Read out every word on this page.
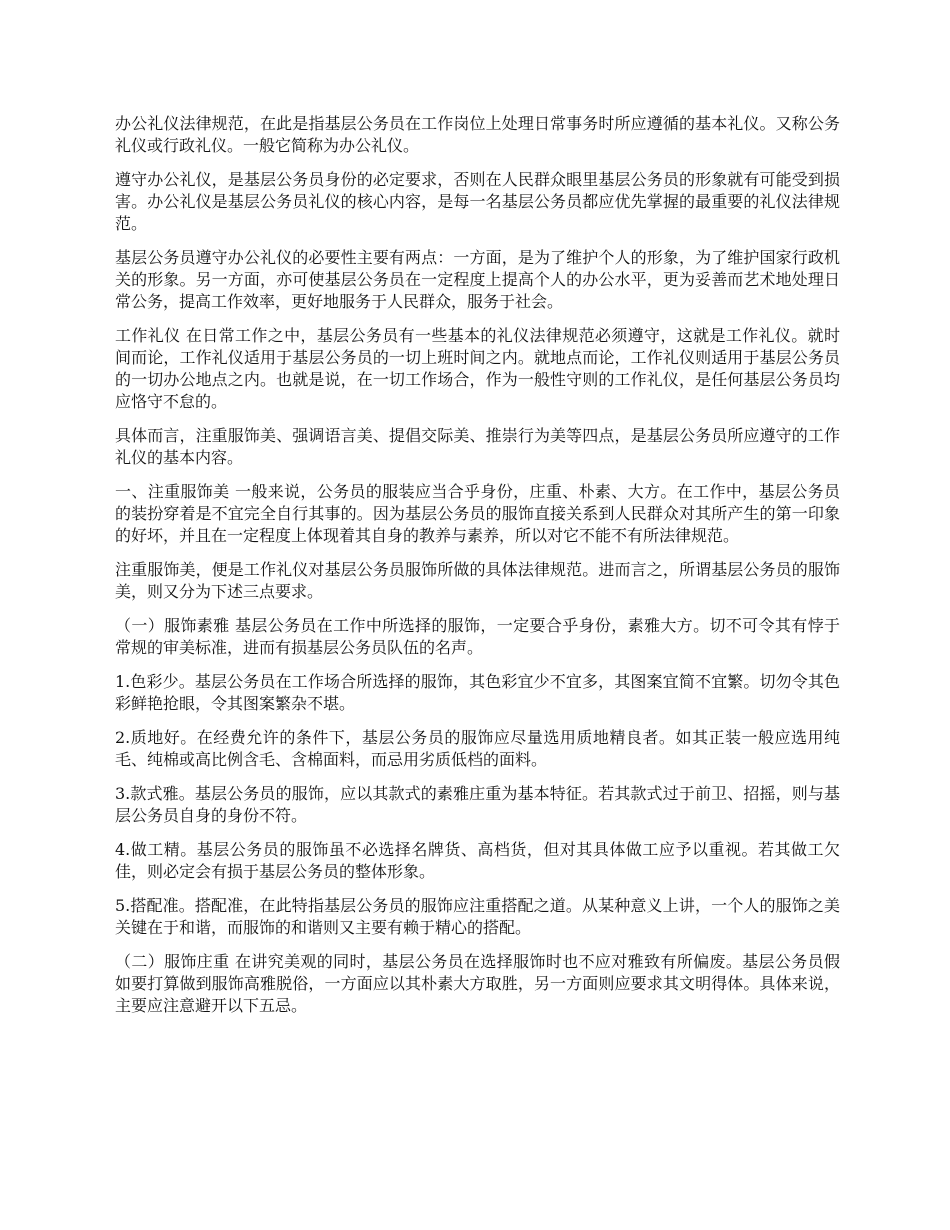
办公礼仪法律规范，在此是指基层公务员在工作岗位上处理日常事务时所应遵循的基本礼仪。又称公务礼仪或行政礼仪。一般它简称为办公礼仪。

遵守办公礼仪，是基层公务员身份的必定要求，否则在人民群众眼里基层公务员的形象就有可能受到损害。办公礼仪是基层公务员礼仪的核心内容，是每一名基层公务员都应优先掌握的最重要的礼仪法律规范。

基层公务员遵守办公礼仪的必要性主要有两点：一方面，是为了维护个人的形象，为了维护国家行政机关的形象。另一方面，亦可使基层公务员在一定程度上提高个人的办公水平，更为妥善而艺术地处理日常公务，提高工作效率，更好地服务于人民群众，服务于社会。

工作礼仪 在日常工作之中，基层公务员有一些基本的礼仪法律规范必须遵守，这就是工作礼仪。就时间而论，工作礼仪适用于基层公务员的一切上班时间之内。就地点而论，工作礼仪则适用于基层公务员的一切办公地点之内。也就是说，在一切工作场合，作为一般性守则的工作礼仪，是任何基层公务员均应恪守不怠的。

具体而言，注重服饰美、强调语言美、提倡交际美、推崇行为美等四点，是基层公务员所应遵守的工作礼仪的基本内容。

一、注重服饰美 一般来说，公务员的服装应当合乎身份，庄重、朴素、大方。在工作中，基层公务员的装扮穿着是不宜完全自行其事的。因为基层公务员的服饰直接关系到人民群众对其所产生的第一印象的好坏，并且在一定程度上体现着其自身的教养与素养，所以对它不能不有所法律规范。

注重服饰美，便是工作礼仪对基层公务员服饰所做的具体法律规范。进而言之，所谓基层公务员的服饰美，则又分为下述三点要求。

（一）服饰素雅 基层公务员在工作中所选择的服饰，一定要合乎身份，素雅大方。切不可令其有悖于常规的审美标准，进而有损基层公务员队伍的名声。

1.色彩少。基层公务员在工作场合所选择的服饰，其色彩宜少不宜多，其图案宜简不宜繁。切勿令其色彩鲜艳抢眼，令其图案繁杂不堪。

2.质地好。在经费允许的条件下，基层公务员的服饰应尽量选用质地精良者。如其正装一般应选用纯毛、纯棉或高比例含毛、含棉面料，而忌用劣质低档的面料。

3.款式雅。基层公务员的服饰，应以其款式的素雅庄重为基本特征。若其款式过于前卫、招摇，则与基层公务员自身的身份不符。

4.做工精。基层公务员的服饰虽不必选择名牌货、高档货，但对其具体做工应予以重视。若其做工欠佳，则必定会有损于基层公务员的整体形象。

5.搭配准。搭配准，在此特指基层公务员的服饰应注重搭配之道。从某种意义上讲，一个人的服饰之美关键在于和谐，而服饰的和谐则又主要有赖于精心的搭配。

（二）服饰庄重 在讲究美观的同时，基层公务员在选择服饰时也不应对雅致有所偏废。基层公务员假如要打算做到服饰高雅脱俗，一方面应以其朴素大方取胜，另一方面则应要求其文明得体。具体来说，主要应注意避开以下五忌。
